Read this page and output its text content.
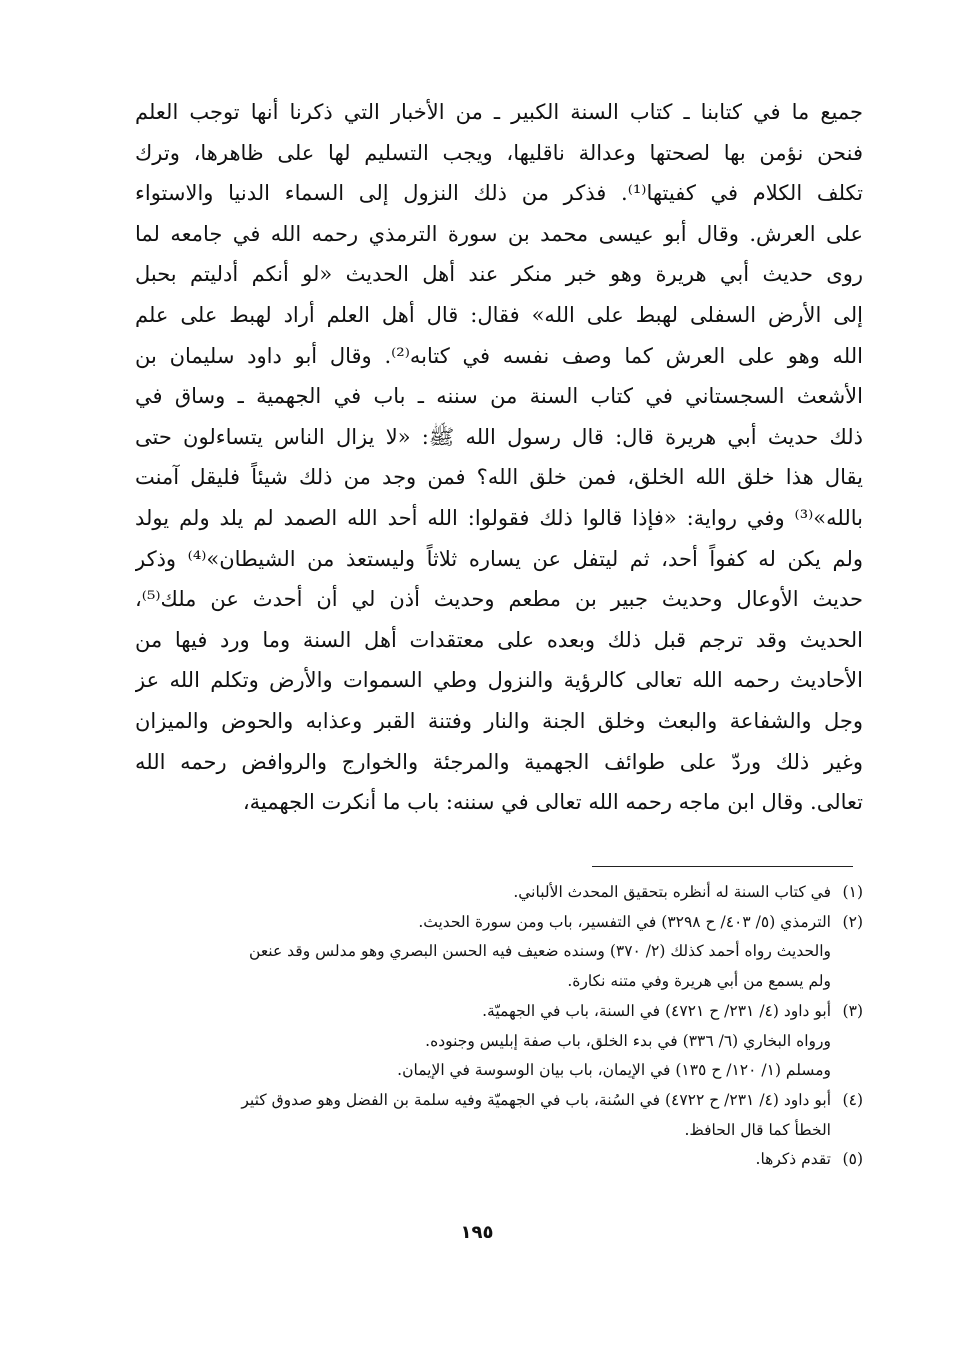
جميع ما في كتابنا ـ كتاب السنة الكبير ـ من الأخبار التي ذكرنا أنها توجب العلم
فنحن نؤمن بها لصحتها وعدالة ناقليها، ويجب التسليم لها على ظاهرها، وترك
تكلف الكلام في كفيتها⁽¹⁾. فذكر من ذلك النزول إلى السماء الدنيا والاستواء
على العرش. وقال أبو عيسى محمد بن سورة الترمذي رحمه الله في جامعه لما
روى حديث أبي هريرة وهو خبر منكر عند أهل الحديث «لو أنكم أدليتم بحبل
إلى الأرض السفلى لهبط على الله» فقال: قال أهل العلم أراد لهبط على علم
الله وهو على العرش كما وصف نفسه في كتابه⁽²⁾. وقال أبو داود سليمان بن
الأشعث السجستاني في كتاب السنة من سننه ـ باب في الجهمية ـ وساق في
ذلك حديث أبي هريرة قال: قال رسول الله ﷺ: «لا يزال الناس يتساءلون حتى
يقال هذا خلق الله الخلق، فمن خلق الله؟ فمن وجد من ذلك شيئاً فليقل آمنت
بالله»⁽³⁾ وفي رواية: «فإذا قالوا ذلك فقولوا: الله أحد الله الصمد لم يلد ولم يولد
ولم يكن له كفواً أحد، ثم ليتفل عن يساره ثلاثاً وليستعذ من الشيطان»⁽⁴⁾ وذكر
حديث الأوعال وحديث جبير بن مطعم وحديث أذن لي أن أحدث عن ملك⁽⁵⁾،
الحديث وقد ترجم قبل ذلك وبعده على معتقدات أهل السنة وما ورد فيها من
الأحاديث رحمه الله تعالى كالرؤية والنزول وطي السموات والأرض وتكلم الله عز
وجل والشفاعة والبعث وخلق الجنة والنار وفتنة القبر وعذابه والحوض والميزان
وغير ذلك وردّ على طوائف الجهمية والمرجئة والخوارج والروافض رحمه الله
تعالى. وقال ابن ماجه رحمه الله تعالى في سننه: باب ما أنكرت الجهمية،
(١)
في كتاب السنة له أنظره بتحقيق المحدث الألباني.
(٢)
الترمذي (٥/ ٤٠٣/ ح ٣٢٩٨) في التفسير، باب ومن سورة الحديث.
والحديث رواه أحمد كذلك (٢/ ٣٧٠) وسنده ضعيف فيه الحسن البصري وهو مدلس وقد عنعن
ولم يسمع من أبي هريرة وفي متنه نكارة.
(٣)
أبو داود (٤/ ٢٣١/ ح ٤٧٢١) في السنة، باب في الجهميّة.
ورواه البخاري (٦/ ٣٣٦) في بدء الخلق، باب صفة إبليس وجنوده.
ومسلم (١/ ١٢٠/ ح ١٣٥) في الإيمان، باب بيان الوسوسة في الإيمان.
(٤)
أبو داود (٤/ ٢٣١/ ح ٤٧٢٢) في السُنة، باب في الجهميّة وفيه سلمة بن الفضل وهو صدوق كثير
الخطأ كما قال الحافظ.
(٥)
تقدم ذكرها.
١٩٥
